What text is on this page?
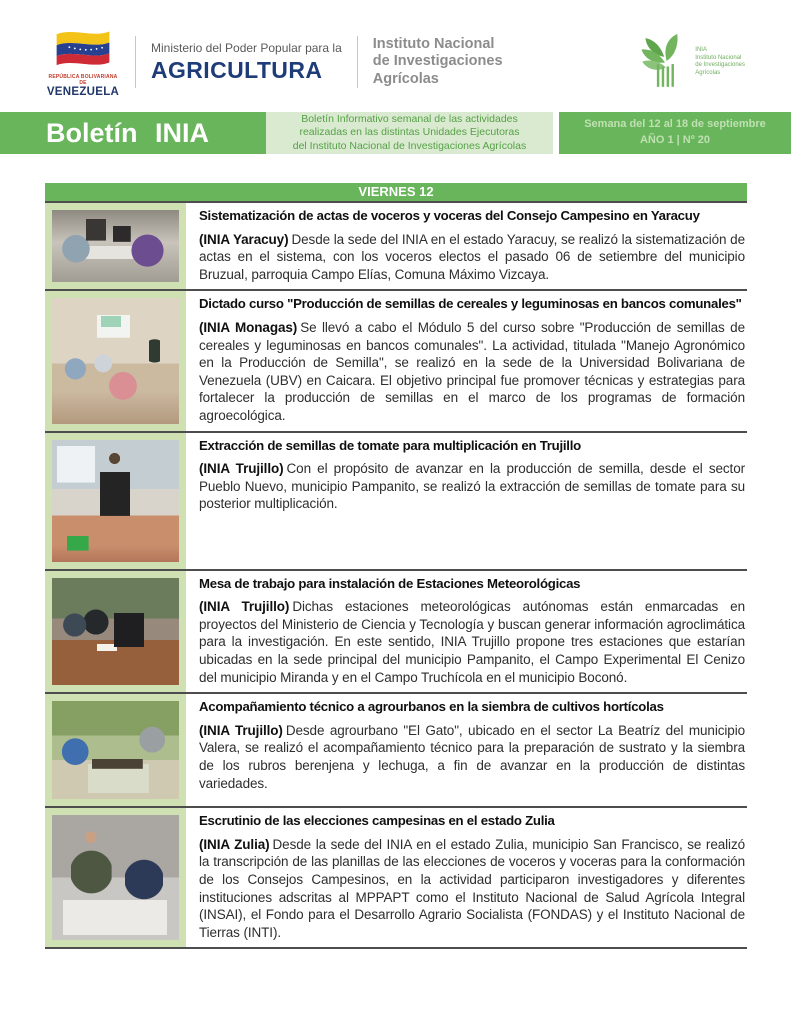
REPÚBLICA BOLIVARIANA DE
VENEZUELA
Ministerio del Poder Popular para la
AGRICULTURA
Instituto Nacional
de Investigaciones
Agrícolas
INIA
Instituto Nacional
de Investigaciones
Agrícolas
Boletín INIA	Boletín Informativo semanal de las actividades
realizadas en las distintas Unidades Ejecutoras
del Instituto Nacional de Investigaciones Agrícolas
Semana del 12 al 18 de septiembre
AÑO 1 | Nº 20
VIERNES 12
Sistematización de actas de voceros y voceras del Consejo Campesino en Yaracuy

(INIA Yaracuy) Desde la sede del INIA en el estado Yaracuy, se realizó la sistematización de actas en el sistema, con los voceros electos el pasado 06 de setiembre del municipio Bruzual, parroquia Campo Elías, Comuna Máximo Vizcaya.

Dictado curso "Producción de semillas de cereales y leguminosas en bancos comunales"

(INIA Monagas) Se llevó a cabo el Módulo 5 del curso sobre "Producción de semillas de cereales y leguminosas en bancos comunales". La actividad, titulada "Manejo Agronómico en la Producción de Semilla", se realizó en la sede de la Universidad Bolivariana de Venezuela (UBV) en Caicara. El objetivo principal fue promover técnicas y estrategias para fortalecer la producción de semillas en el marco de los programas de formación agroecológica.

Extracción de semillas de tomate para multiplicación en Trujillo

(INIA Trujillo) Con el propósito de avanzar en la producción de semilla, desde el sector Pueblo Nuevo, municipio Pampanito, se realizó la extracción de semillas de tomate para su posterior multiplicación.

Mesa de trabajo para instalación de Estaciones Meteorológicas

(INIA Trujillo) Dichas estaciones meteorológicas autónomas están enmarcadas en proyectos del Ministerio de Ciencia y Tecnología y buscan generar información agroclimática para la investigación. En este sentido, INIA Trujillo propone tres estaciones que estarían ubicadas en la sede principal del municipio Pampanito, el Campo Experimental El Cenizo del municipio Miranda y en el Campo Truchícola en el municipio Boconó.

Acompañamiento técnico a agrourbanos en la siembra de cultivos hortícolas

(INIA Trujillo) Desde agrourbano "El Gato", ubicado en el sector La Beatríz del municipio Valera, se realizó el acompañamiento técnico para la preparación de sustrato y la siembra de los rubros berenjena y lechuga, a fin de avanzar en la producción de distintas variedades.

Escrutinio de las elecciones campesinas en el estado Zulia

(INIA Zulia) Desde la sede del INIA en el estado Zulia, municipio San Francisco, se realizó la transcripción de las planillas de las elecciones de voceros y voceras para la conformación de los Consejos Campesinos, en la actividad participaron investigadores y diferentes instituciones adscritas al MPPAPT como el Instituto Nacional de Salud Agrícola Integral (INSAI), el Fondo para el Desarrollo Agrario Socialista (FONDAS) y el Instituto Nacional de Tierras (INTI).
